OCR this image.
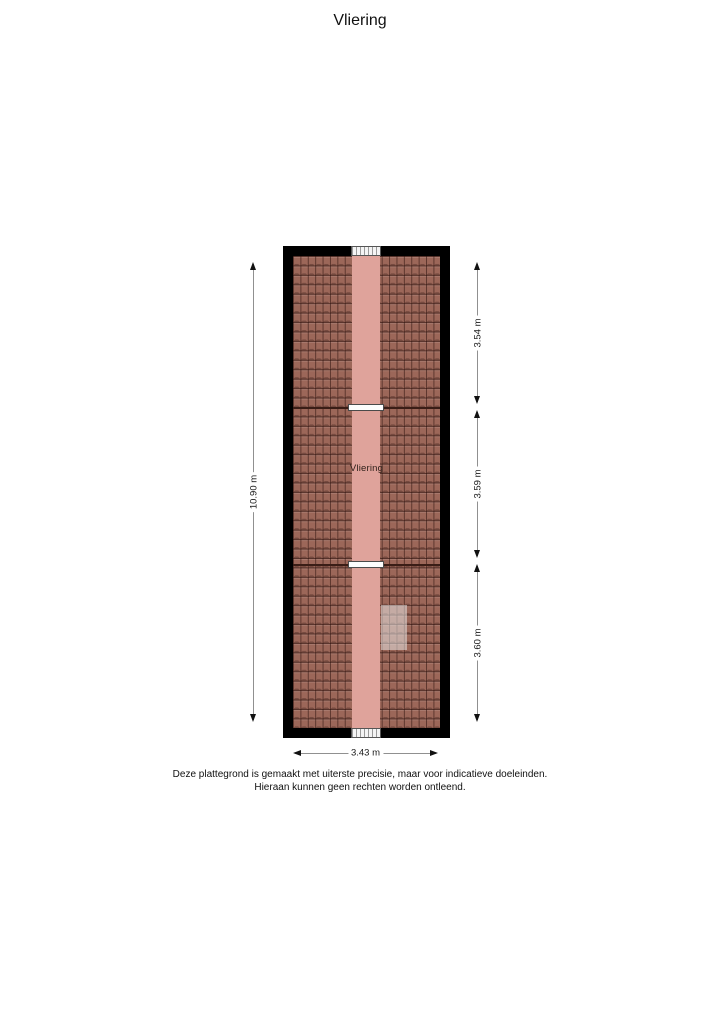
Vliering
Vliering
10.90 m
3.54 m
3.59 m
3.60 m
3.43 m
Deze plattegrond is gemaakt met uiterste precisie, maar voor indicatieve doeleinden.
Hieraan kunnen geen rechten worden ontleend.
